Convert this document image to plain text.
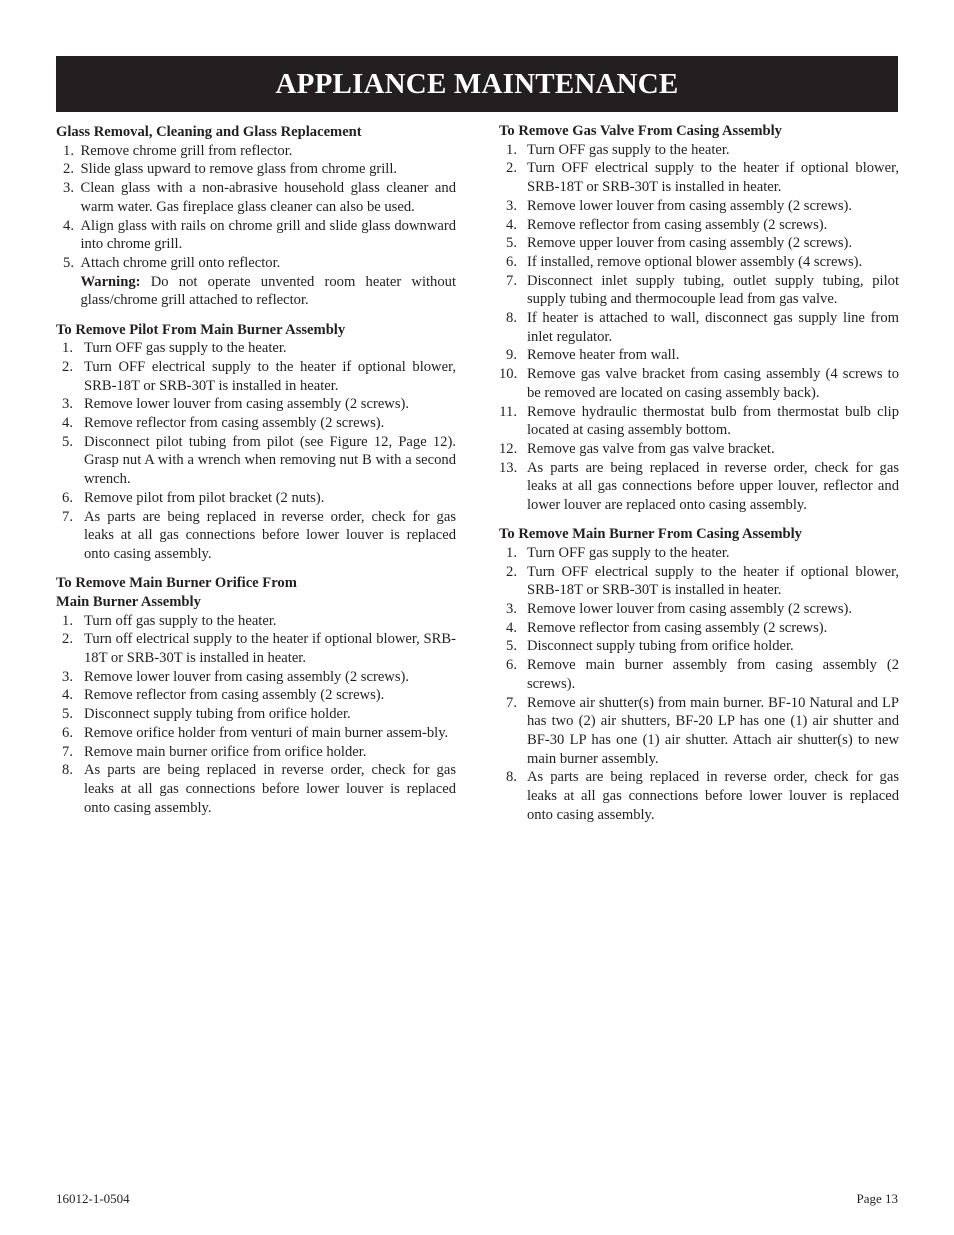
APPLIANCE MAINTENANCE

Glass Removal, Cleaning and Glass Replacement

1. Remove chrome grill from reflector.
2. Slide glass upward to remove glass from chrome grill.
3. Clean glass with a non-abrasive household glass cleaner and warm water. Gas fireplace glass cleaner can also be used.
4. Align glass with rails on chrome grill and slide glass downward into chrome grill.
5. Attach chrome grill onto reflector.
Warning: Do not operate unvented room heater without glass/chrome grill attached to reflector.

To Remove Pilot From Main Burner Assembly

1. Turn OFF gas supply to the heater.
2. Turn OFF electrical supply to the heater if optional blower, SRB-18T or SRB-30T is installed in heater.
3. Remove lower louver from casing assembly (2 screws).
4. Remove reflector from casing assembly (2 screws).
5. Disconnect pilot tubing from pilot (see Figure 12, Page 12). Grasp nut A with a wrench when removing nut B with a second wrench.
6. Remove pilot from pilot bracket (2 nuts).
7. As parts are being replaced in reverse order, check for gas leaks at all gas connections before lower louver is replaced onto casing assembly.

To Remove Main Burner Orifice From

Main Burner Assembly

1. Turn off gas supply to the heater.
2. Turn off electrical supply to the heater if optional blower, SRB-18T or SRB-30T is installed in heater.
3. Remove lower louver from casing assembly (2 screws).
4. Remove reflector from casing assembly (2 screws).
5. Disconnect supply tubing from orifice holder.
6. Remove orifice holder from venturi of main burner assem-bly.
7. Remove main burner orifice from orifice holder.
8. As parts are being replaced in reverse order, check for gas leaks at all gas connections before lower louver is replaced onto casing assembly.

To Remove Gas Valve From Casing Assembly

1. Turn OFF gas supply to the heater.
2. Turn OFF electrical supply to the heater if optional blower, SRB-18T or SRB-30T is installed in heater.
3. Remove lower louver from casing assembly (2 screws).
4. Remove reflector from casing assembly (2 screws).
5. Remove upper louver from casing assembly (2 screws).
6. If installed, remove optional blower assembly (4 screws).
7. Disconnect inlet supply tubing, outlet supply tubing, pilot supply tubing and thermocouple lead from gas valve.
8. If heater is attached to wall, disconnect gas supply line from inlet regulator.
9. Remove heater from wall.
10. Remove gas valve bracket from casing assembly (4 screws to be removed are located on casing assembly back).
11. Remove hydraulic thermostat bulb from thermostat bulb clip located at casing assembly bottom.
12. Remove gas valve from gas valve bracket.
13. As parts are being replaced in reverse order, check for gas leaks at all gas connections before upper louver, reflector and lower louver are replaced onto casing assembly.

To Remove Main Burner From Casing Assembly

1. Turn OFF gas supply to the heater.
2. Turn OFF electrical supply to the heater if optional blower, SRB-18T or SRB-30T is installed in heater.
3. Remove lower louver from casing assembly (2 screws).
4. Remove reflector from casing assembly (2 screws).
5. Disconnect supply tubing from orifice holder.
6. Remove main burner assembly from casing assembly (2 screws).
7. Remove air shutter(s) from main burner. BF-10 Natural and LP has two (2) air shutters, BF-20 LP has one (1) air shutter and BF-30 LP has one (1) air shutter. Attach air shutter(s) to new main burner assembly.
8. As parts are being replaced in reverse order, check for gas leaks at all gas connections before lower louver is replaced onto casing assembly.
16012-1-0504	Page 13
